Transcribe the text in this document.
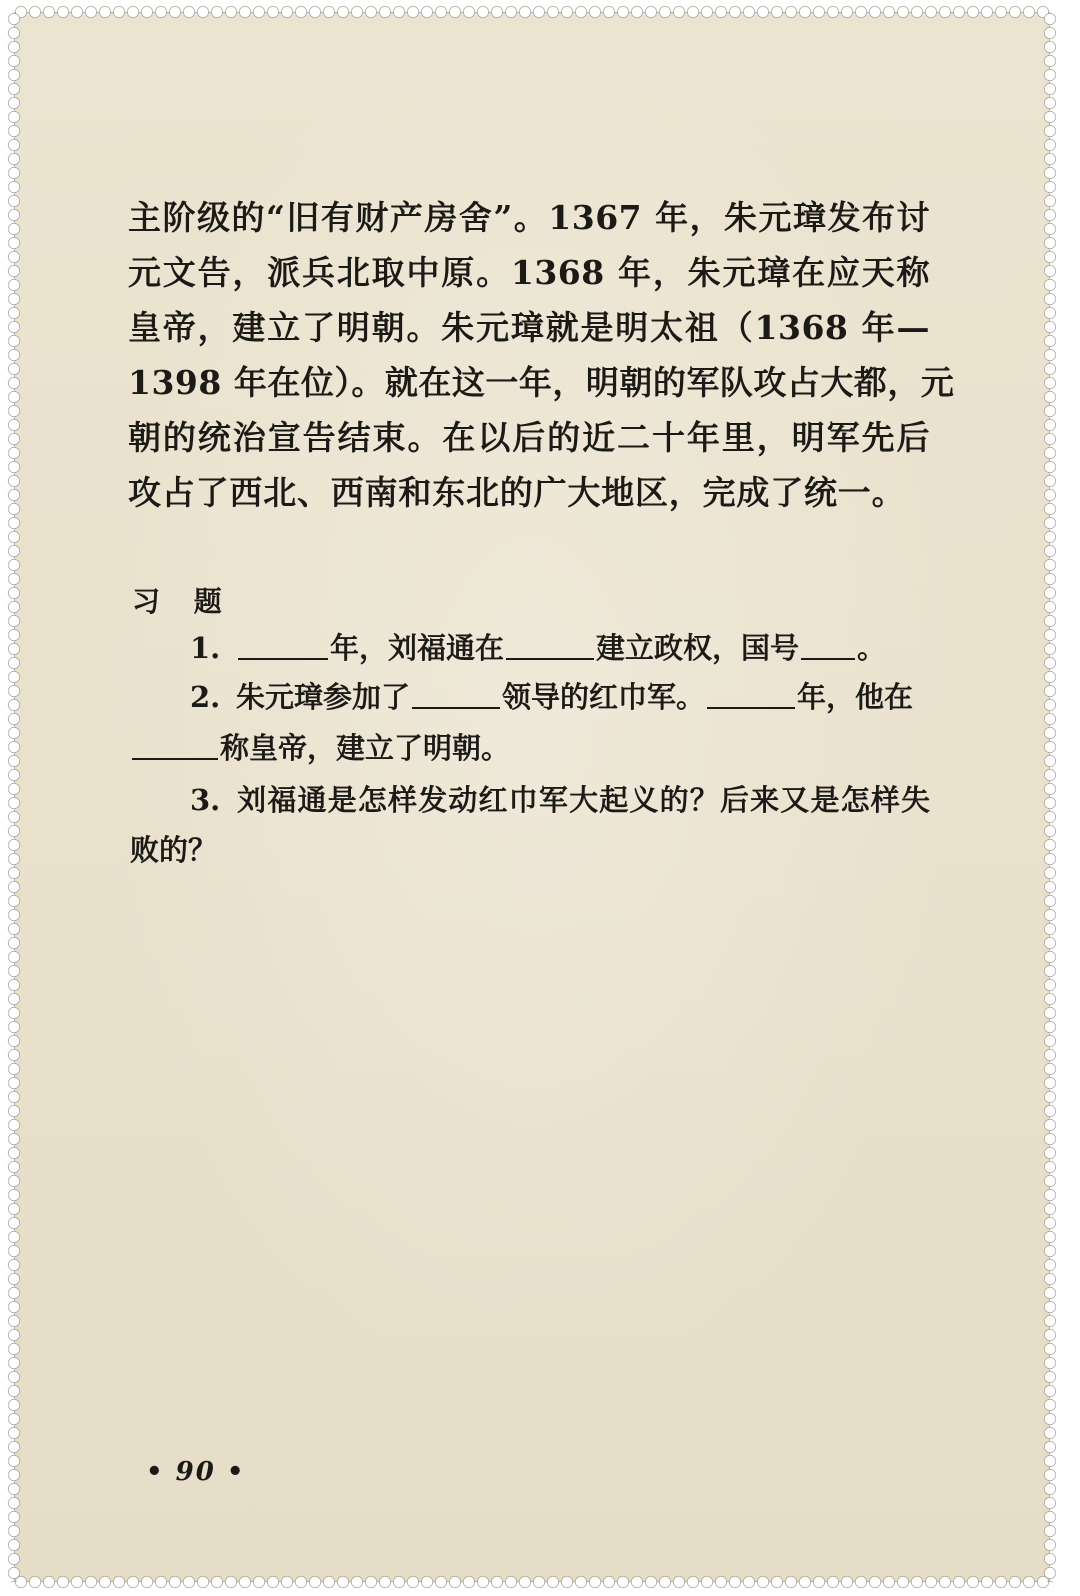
主阶级的“旧有财产房舍”。1367 年，朱元璋发布讨
元文告，派兵北取中原。1368 年，朱元璋在应天称
皇帝，建立了明朝。朱元璋就是明太祖（1368 年—
1398 年在位）。就在这一年，明朝的军队攻占大都，元
朝的统治宣告结束。在以后的近二十年里，明军先后
攻占了西北、西南和东北的广大地区，完成了统一。
习 题
1.	年，刘福通在	建立政权，国号 。
2. 朱元璋参加了	领导的红巾军。	年，他在
称皇帝，建立了明朝。
3. 刘福通是怎样发动红巾军大起义的？后来又是怎样失
败的？
• 90 •
